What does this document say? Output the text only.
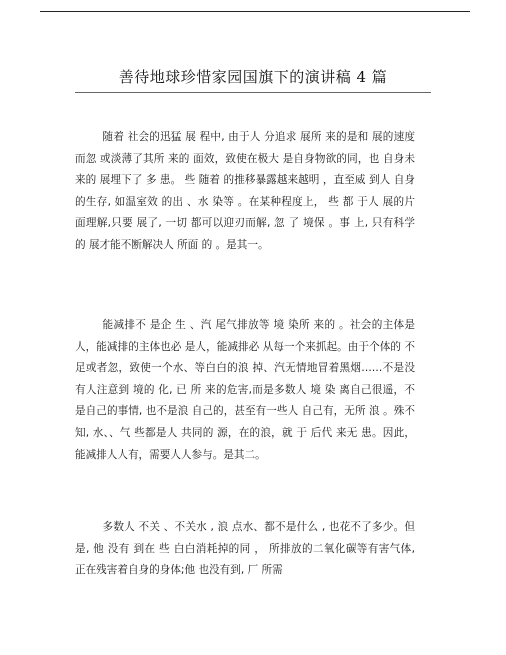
善待地球珍惜家园国旗下的演讲稿 4 篇

随着 社会的迅猛 展 程中, 由于人 分追求 展所 来的是和 展的速度而忽 或淡薄了其所 来的 面效，致使在极大 是自身物欲的同，也 自身未来的 展埋下了 多 患。 些 随着 的推移暴露越来越明 ，直至威 到人 自身的生存, 如温室效 的出 、水 染等 。在某种程度上， 些 都 于人 展的片面理解,只要 展了, 一切 都可以迎刃而解, 忽 了 境保 。事 上, 只有科学的 展才能不断解决人 所面 的 。是其一。

能减排不 是企 生 、汽 尾气排放等 境 染所 来的 。社会的主体是人，能减排的主体也必 是人，能减排必 从每一个来抓起。由于个体的 不足或者忽，致使一个水、等白白的浪 掉、汽无情地冒着黑烟……不是没有人注意到 境的 化, 已 所 来的危害,而是多数人 境 染 离自己很遥，不是自己的事情, 也不是浪 自己的，甚至有一些人 自己有，无所 浪 。殊不知, 水、、气 些都是人 共同的 源，在的浪，就 于 后代 来无 患。因此，能减排人人有，需要人人参与。是其二。

多数人 不关 、不关水 , 浪 点水、都不是什么 , 也花不了多少。但是, 他 没有 到在 些 白白消耗掉的同 ， 所排放的二氧化碳等有害气体, 正在残害着自身的身体;他 也没有到, 厂 所需
